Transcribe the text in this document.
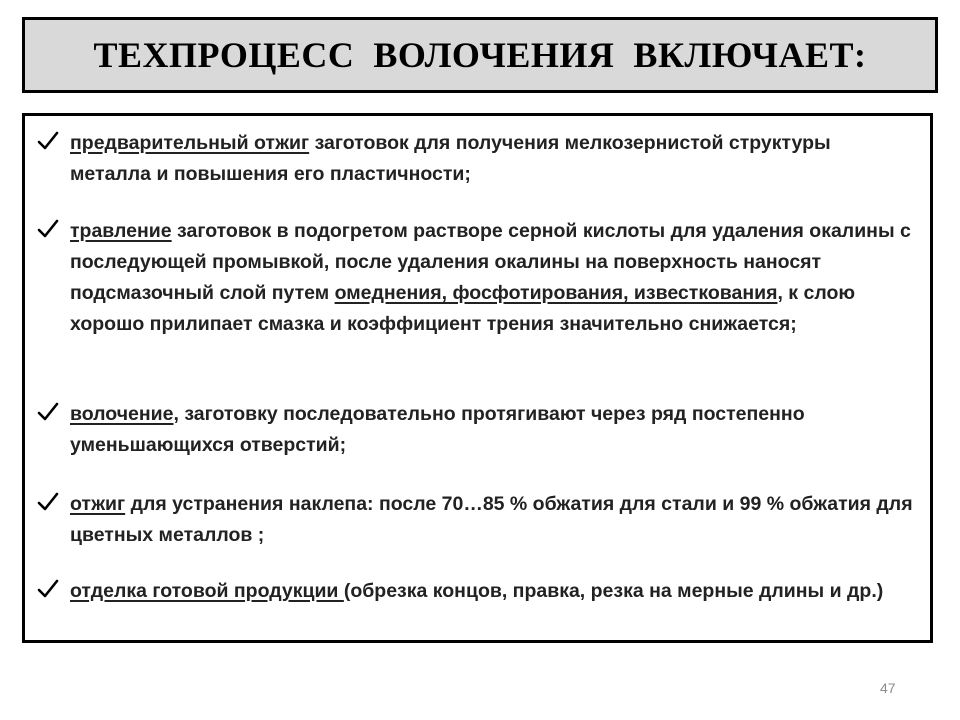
ТЕХПРОЦЕСС  ВОЛОЧЕНИЯ  ВКЛЮЧАЕТ:
предварительный отжиг заготовок для получения мелкозернистой структуры металла и повышения его пластичности;
травление заготовок в подогретом растворе серной кислоты для удаления окалины с последующей промывкой, после удаления окалины на поверхность наносят подсмазочный слой путем омеднения, фосфотирования, известкования, к слою хорошо прилипает смазка и коэффициент трения значительно снижается;
волочение, заготовку последовательно протягивают через ряд постепенно уменьшающихся отверстий;
отжиг для устранения наклепа: после 70…85 % обжатия для стали и 99 % обжатия для цветных металлов ;
отделка готовой продукции (обрезка концов, правка, резка на мерные длины и др.)
47
